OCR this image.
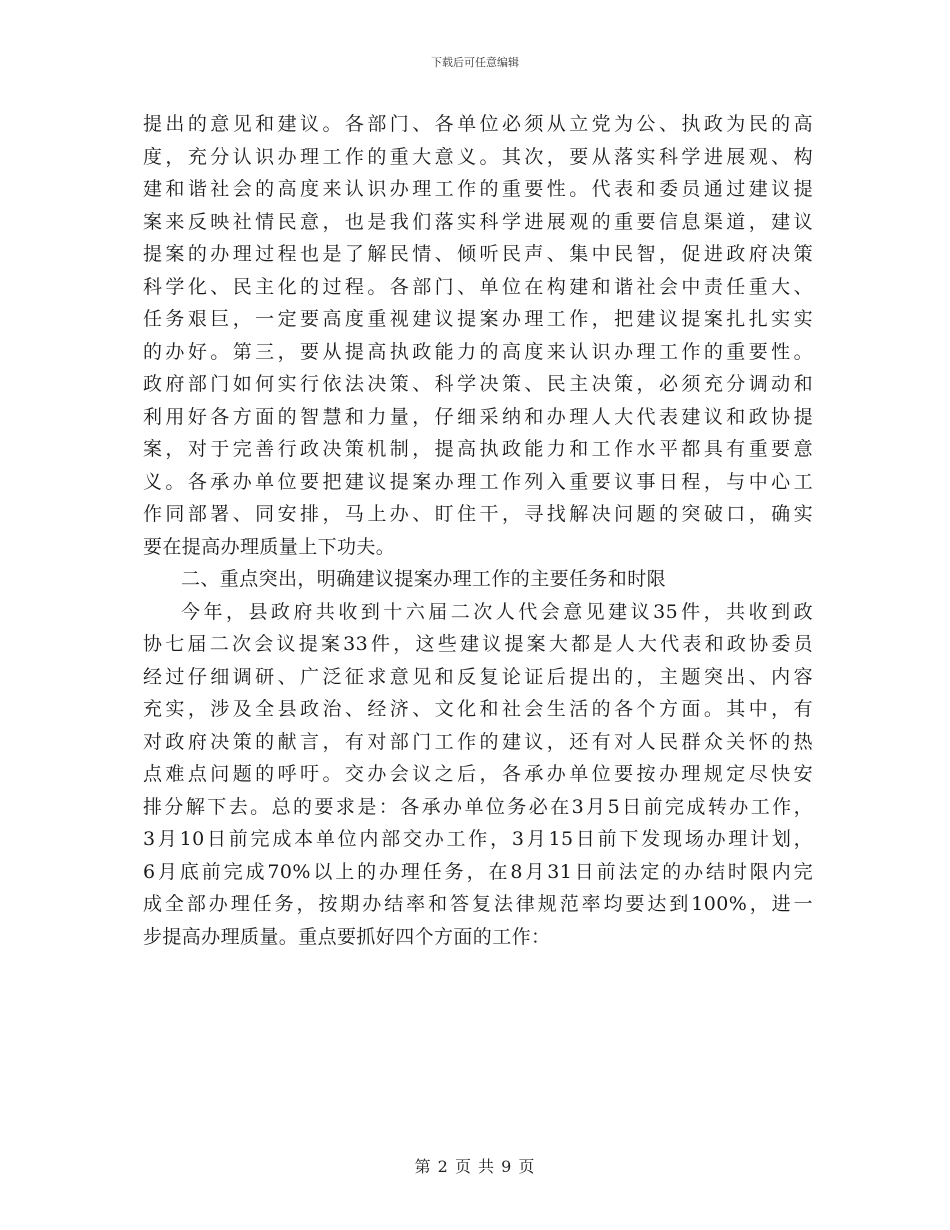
下载后可任意编辑
提出的意见和建议。各部门、各单位必须从立党为公、执政为民的高
度，充分认识办理工作的重大意义。其次，要从落实科学进展观、构
建和谐社会的高度来认识办理工作的重要性。代表和委员通过建议提
案来反映社情民意，也是我们落实科学进展观的重要信息渠道，建议
提案的办理过程也是了解民情、倾听民声、集中民智，促进政府决策
科学化、民主化的过程。各部门、单位在构建和谐社会中责任重大、
任务艰巨，一定要高度重视建议提案办理工作，把建议提案扎扎实实
的办好。第三，要从提高执政能力的高度来认识办理工作的重要性。
政府部门如何实行依法决策、科学决策、民主决策，必须充分调动和
利用好各方面的智慧和力量，仔细采纳和办理人大代表建议和政协提
案，对于完善行政决策机制，提高执政能力和工作水平都具有重要意
义。各承办单位要把建议提案办理工作列入重要议事日程，与中心工
作同部署、同安排，马上办、盯住干，寻找解决问题的突破口，确实
要在提高办理质量上下功夫。
二、重点突出，明确建议提案办理工作的主要任务和时限
今年，县政府共收到十六届二次人代会意见建议35件，共收到政
协七届二次会议提案33件，这些建议提案大都是人大代表和政协委员
经过仔细调研、广泛征求意见和反复论证后提出的，主题突出、内容
充实，涉及全县政治、经济、文化和社会生活的各个方面。其中，有
对政府决策的献言，有对部门工作的建议，还有对人民群众关怀的热
点难点问题的呼吁。交办会议之后，各承办单位要按办理规定尽快安
排分解下去。总的要求是：各承办单位务必在3月5日前完成转办工作，
3月10日前完成本单位内部交办工作，3月15日前下发现场办理计划，
6月底前完成70%以上的办理任务，在8月31日前法定的办结时限内完
成全部办理任务，按期办结率和答复法律规范率均要达到100%，进一
步提高办理质量。重点要抓好四个方面的工作：
第 2 页 共 9 页
